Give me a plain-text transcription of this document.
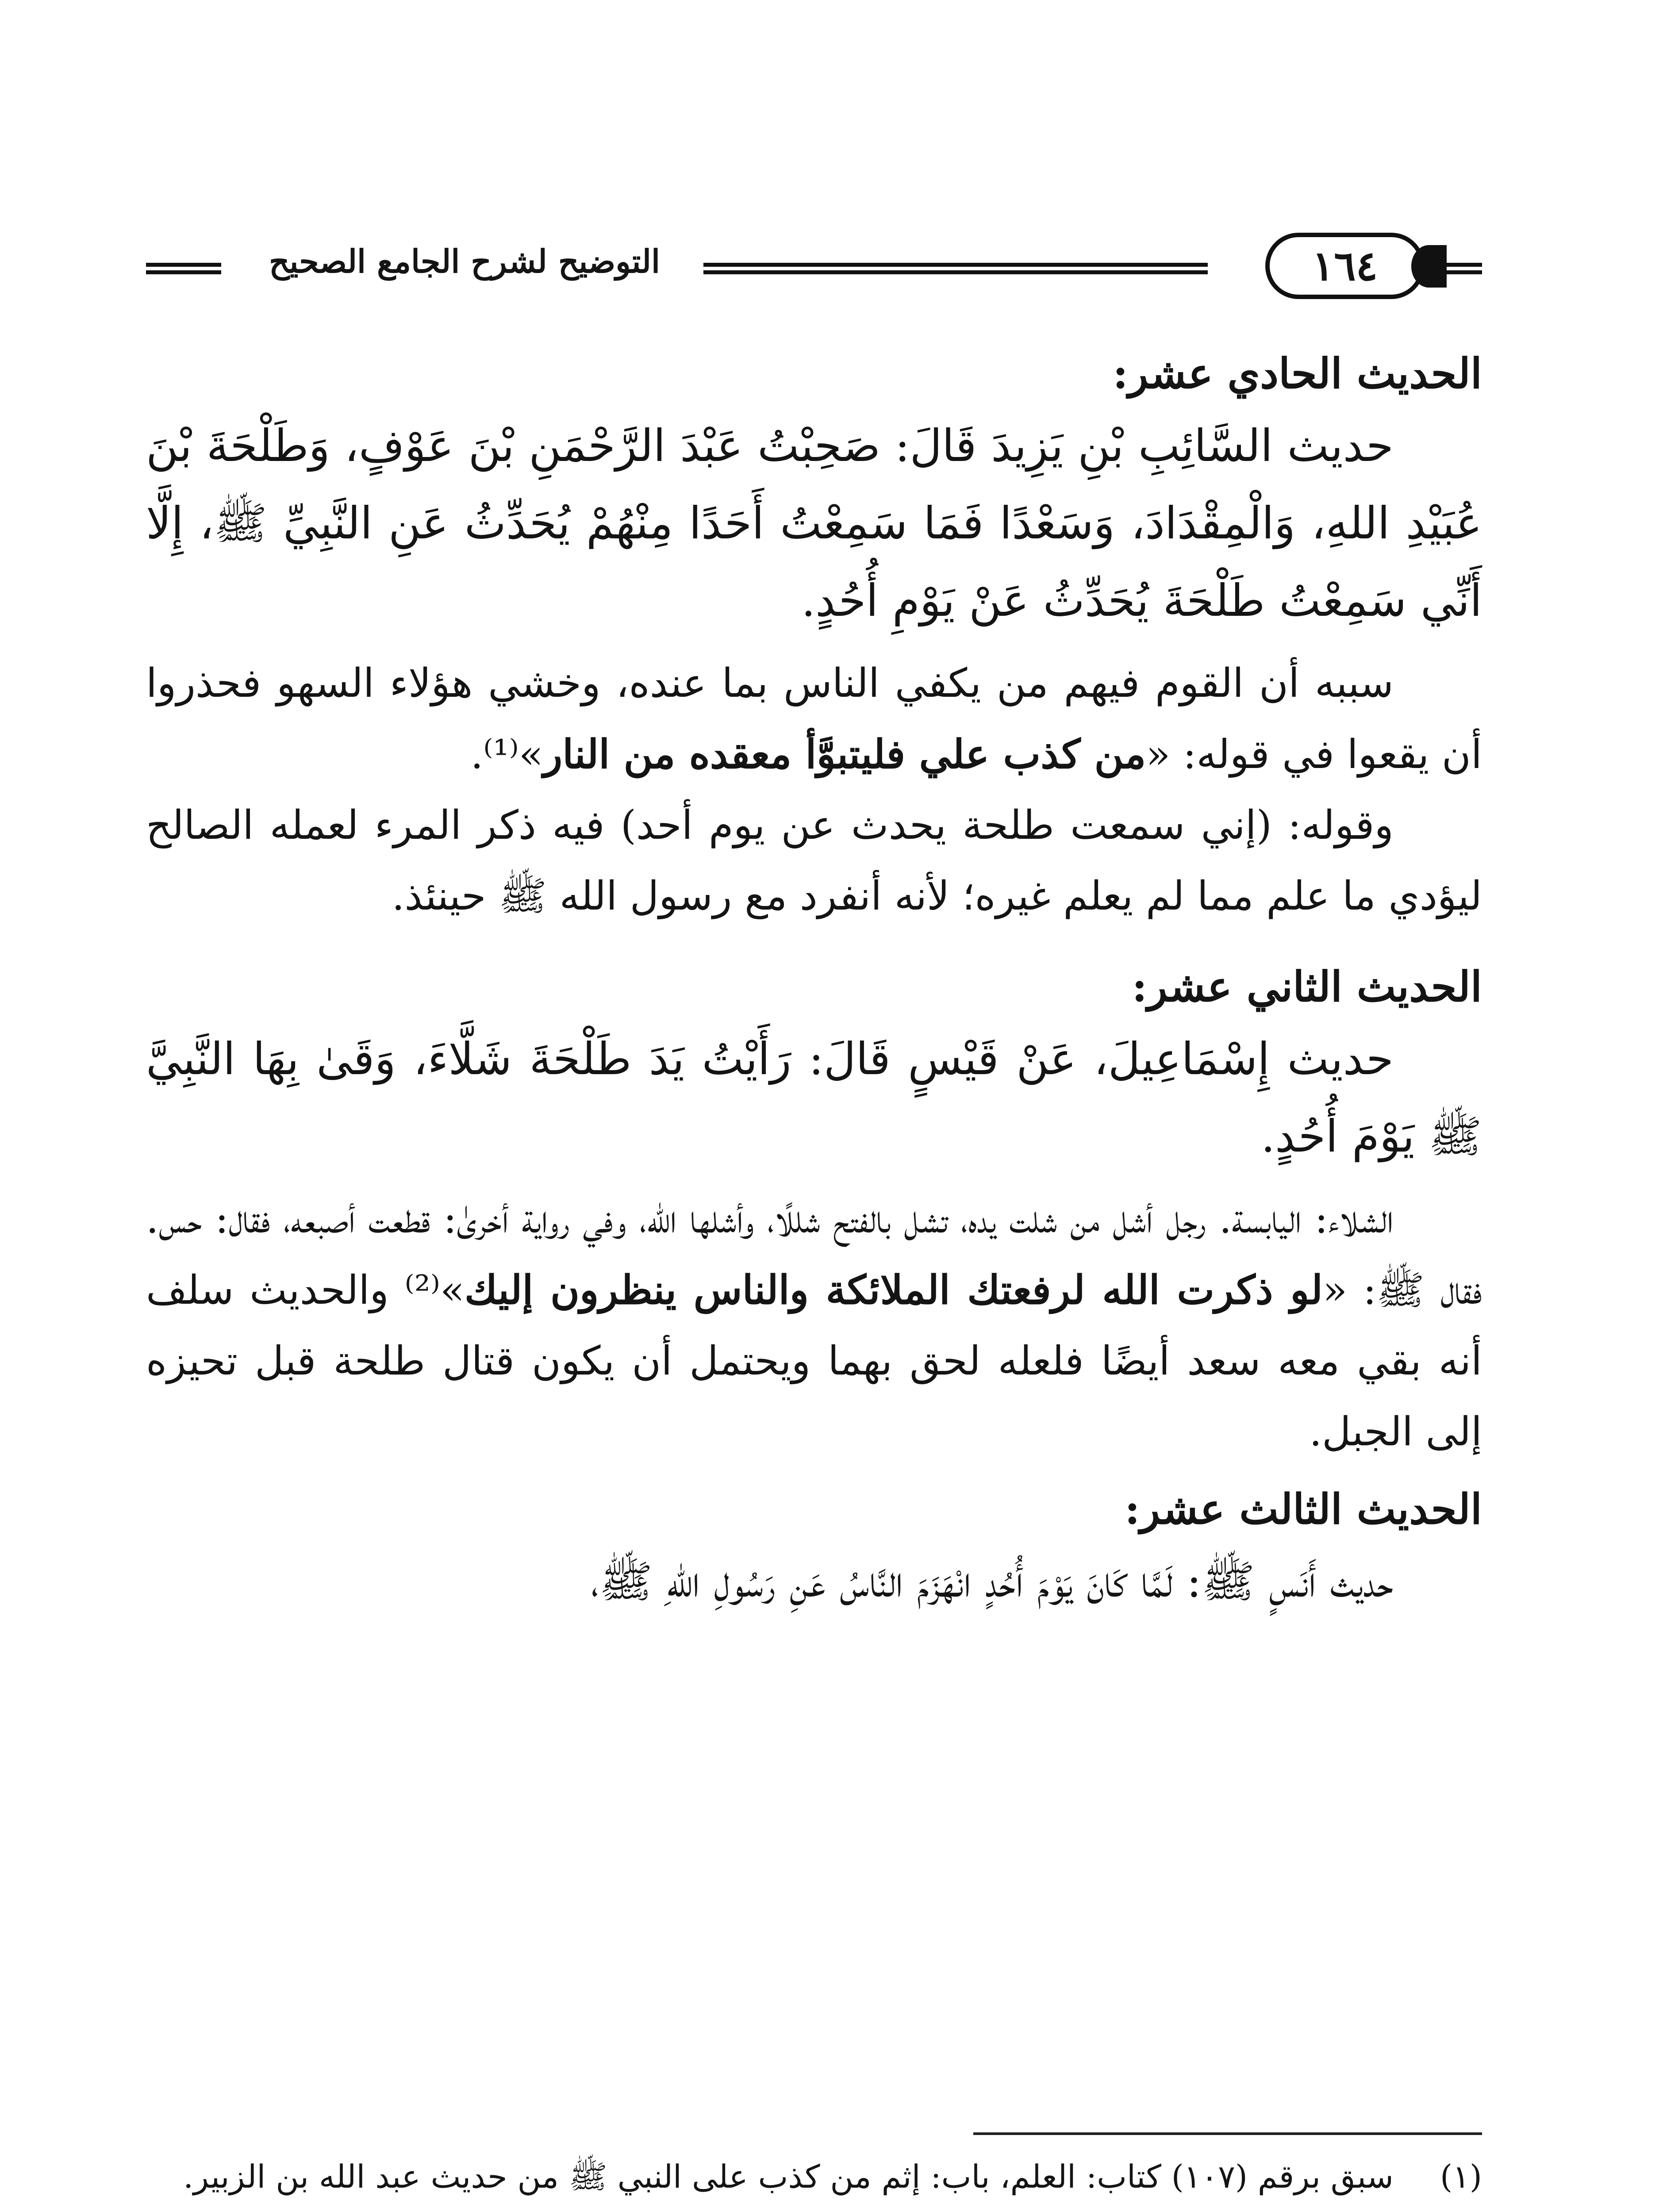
١٦٤
التوضيح لشرح الجامع الصحيح

الحديث الحادي عشر:

حديث السَّائِبِ بْنِ يَزِيدَ قَالَ: صَحِبْتُ عَبْدَ الرَّحْمَنِ بْنَ عَوْفٍ، وَطَلْحَةَ بْنَ عُبَيْدِ اللهِ، وَالْمِقْدَادَ، وَسَعْدًا فَمَا سَمِعْتُ أَحَدًا مِنْهُمْ يُحَدِّثُ عَنِ النَّبِيِّ ﷺ، إِلَّا أَنِّي سَمِعْتُ طَلْحَةَ يُحَدِّثُ عَنْ يَوْمِ أُحُدٍ.

سببه أن القوم فيهم من يكفي الناس بما عنده، وخشي هؤلاء السهو فحذروا أن يقعوا في قوله: «من كذب علي فليتبوَّأ معقده من النار»⁽¹⁾.

وقوله: (إني سمعت طلحة يحدث عن يوم أحد) فيه ذكر المرء لعمله الصالح ليؤدي ما علم مما لم يعلم غيره؛ لأنه أنفرد مع رسول الله ﷺ حينئذ.

الحديث الثاني عشر:

حديث إِسْمَاعِيلَ، عَنْ قَيْسٍ قَالَ: رَأَيْتُ يَدَ طَلْحَةَ شَلَّاءَ، وَقَىٰ بِهَا النَّبِيَّ ﷺ يَوْمَ أُحُدٍ.

الشلاء: اليابسة. رجل أشل من شلت يده، تشل بالفتح شللًا، وأشلها الله، وفي رواية أخرىٰ: قطعت أصبعه، فقال: حس. فقال ﷺ: «لو ذكرت الله لرفعتك الملائكة والناس ينظرون إليك»⁽²⁾ والحديث سلف أنه بقي معه سعد أيضًا فلعله لحق بهما ويحتمل أن يكون قتال طلحة قبل تحيزه إلى الجبل.

الحديث الثالث عشر:

حديث أَنَسٍ ﷺ: لَمَّا كَانَ يَوْمَ أُحُدٍ انْهَزَمَ النَّاسُ عَنِ رَسُولِ اللهِ ﷺ،

(١)
سبق برقم (١٠٧) كتاب: العلم، باب: إثم من كذب على النبي ﷺ من حديث عبد الله بن الزبير.
